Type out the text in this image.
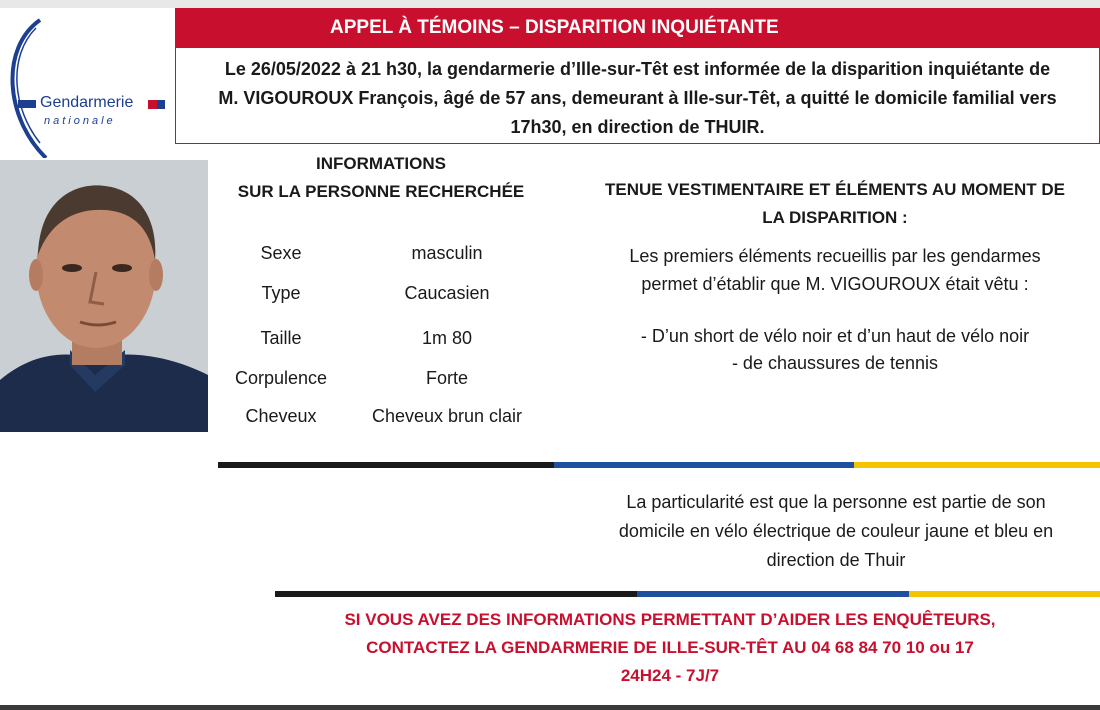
Gendarmerie
nationale
APPEL À TÉMOINS – DISPARITION INQUIÉTANTE
Le 26/05/2022 à 21 h30, la gendarmerie d’Ille-sur-Têt est informée de la disparition inquiétante de
M. VIGOUROUX François, âgé de 57 ans, demeurant à Ille-sur-Têt, a quitté le domicile familial vers
17h30, en direction de THUIR.
INFORMATIONS
SUR LA PERSONNE RECHERCHÉE
Sexe	masculin
Type	Caucasien
Taille	1m 80
Corpulence	Forte
Cheveux	Cheveux brun clair
TENUE VESTIMENTAIRE ET ÉLÉMENTS AU MOMENT DE
LA DISPARITION :
Les premiers éléments recueillis par les gendarmes
permet d’établir que M. VIGOUROUX était vêtu :
- D’un short de vélo noir et d’un haut de vélo noir
- de chaussures de tennis
La particularité est que la personne est partie de son
domicile en vélo électrique de couleur jaune et bleu en
direction de Thuir
SI VOUS AVEZ DES INFORMATIONS PERMETTANT D’AIDER LES ENQUÊTEURS,
CONTACTEZ LA GENDARMERIE DE ILLE-SUR-TÊT AU 04 68 84 70 10 ou 17
24H24 - 7J/7
